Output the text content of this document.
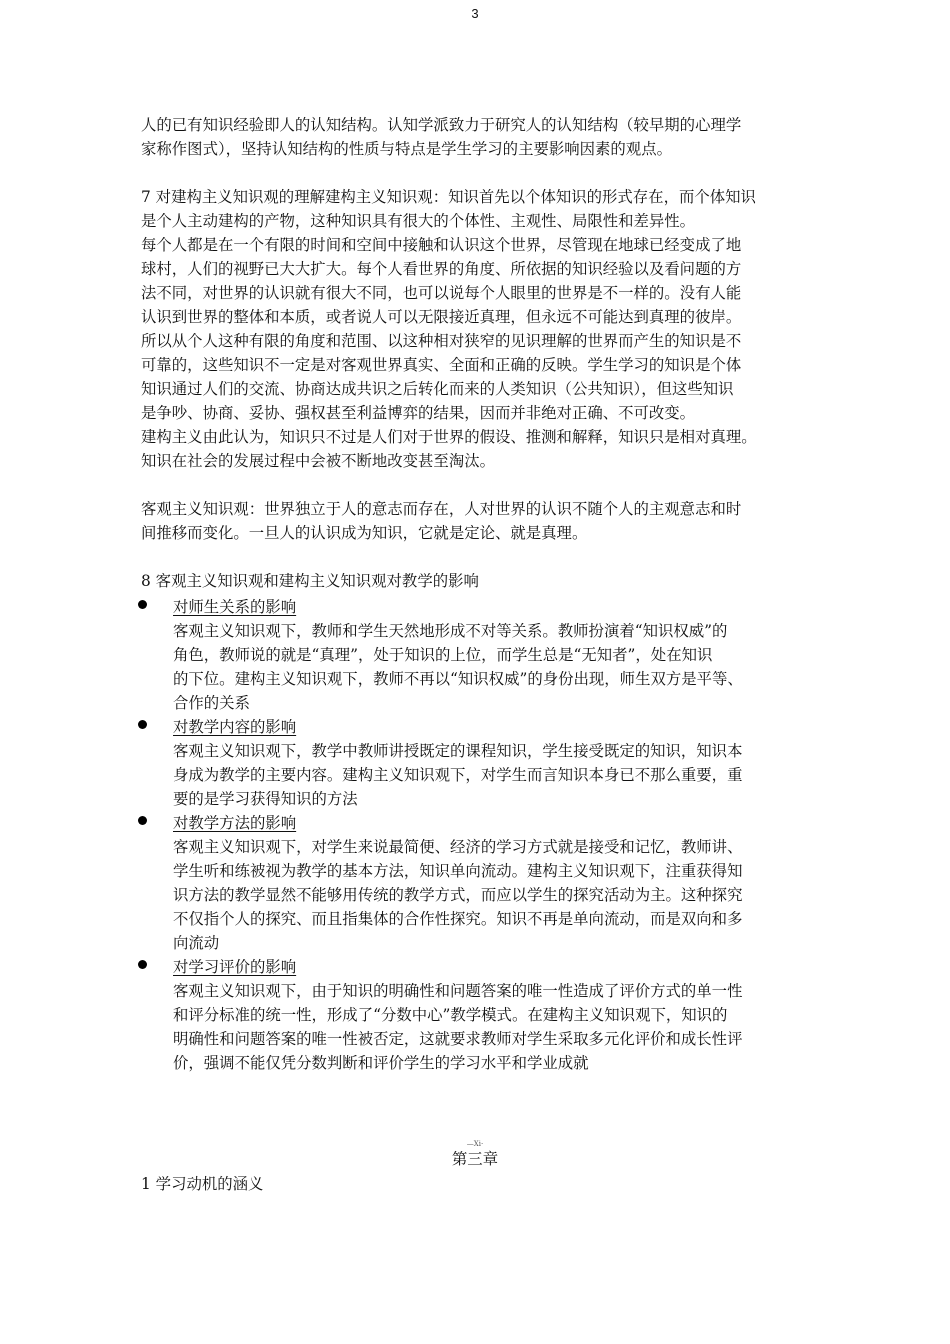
3

人的已有知识经验即人的认知结构。认知学派致力于研究人的认知结构（较早期的心理学
家称作图式），坚持认知结构的性质与特点是学生学习的主要影响因素的观点。

7 对建构主义知识观的理解建构主义知识观：知识首先以个体知识的形式存在，而个体知识
是个人主动建构的产物，这种知识具有很大的个体性、主观性、局限性和差异性。

每个人都是在一个有限的时间和空间中接触和认识这个世界，尽管现在地球已经变成了地
球村，人们的视野已大大扩大。每个人看世界的角度、所依据的知识经验以及看问题的方
法不同，对世界的认识就有很大不同，也可以说每个人眼里的世界是不一样的。没有人能
认识到世界的整体和本质，或者说人可以无限接近真理，但永远不可能达到真理的彼岸。

所以从个人这种有限的角度和范围、以这种相对狭窄的见识理解的世界而产生的知识是不
可靠的，这些知识不一定是对客观世界真实、全面和正确的反映。学生学习的知识是个体
知识通过人们的交流、协商达成共识之后转化而来的人类知识（公共知识），但这些知识
是争吵、协商、妥协、强权甚至利益博弈的结果，因而并非绝对正确、不可改变。

建构主义由此认为，知识只不过是人们对于世界的假设、推测和解释，知识只是相对真理。
知识在社会的发展过程中会被不断地改变甚至淘汰。

客观主义知识观：世界独立于人的意志而存在，人对世界的认识不随个人的主观意志和时
间推移而变化。一旦人的认识成为知识，它就是定论、就是真理。

8 客观主义知识观和建构主义知识观对教学的影响

对师生关系的影响
客观主义知识观下，教师和学生天然地形成不对等关系。教师扮演着“知识权威”的
角色，教师说的就是“真理”，处于知识的上位，而学生总是“无知者”，处在知识
的下位。建构主义知识观下，教师不再以“知识权威”的身份出现，师生双方是平等、
合作的关系
对教学内容的影响
客观主义知识观下，教学中教师讲授既定的课程知识，学生接受既定的知识，知识本
身成为教学的主要内容。建构主义知识观下，对学生而言知识本身已不那么重要，重
要的是学习获得知识的方法
对教学方法的影响
客观主义知识观下，对学生来说最简便、经济的学习方式就是接受和记忆，教师讲、
学生听和练被视为教学的基本方法，知识单向流动。建构主义知识观下，注重获得知
识方法的教学显然不能够用传统的教学方式，而应以学生的探究活动为主。这种探究
不仅指个人的探究、而且指集体的合作性探究。知识不再是单向流动，而是双向和多
向流动
对学习评价的影响
客观主义知识观下，由于知识的明确性和问题答案的唯一性造成了评价方式的单一性
和评分标准的统一性，形成了“分数中心”教学模式。在建构主义知识观下，知识的
明确性和问题答案的唯一性被否定，这就要求教师对学生采取多元化评价和成长性评
价，强调不能仅凭分数判断和评价学生的学习水平和学业成就
—Xi·
第三章
1 学习动机的涵义
